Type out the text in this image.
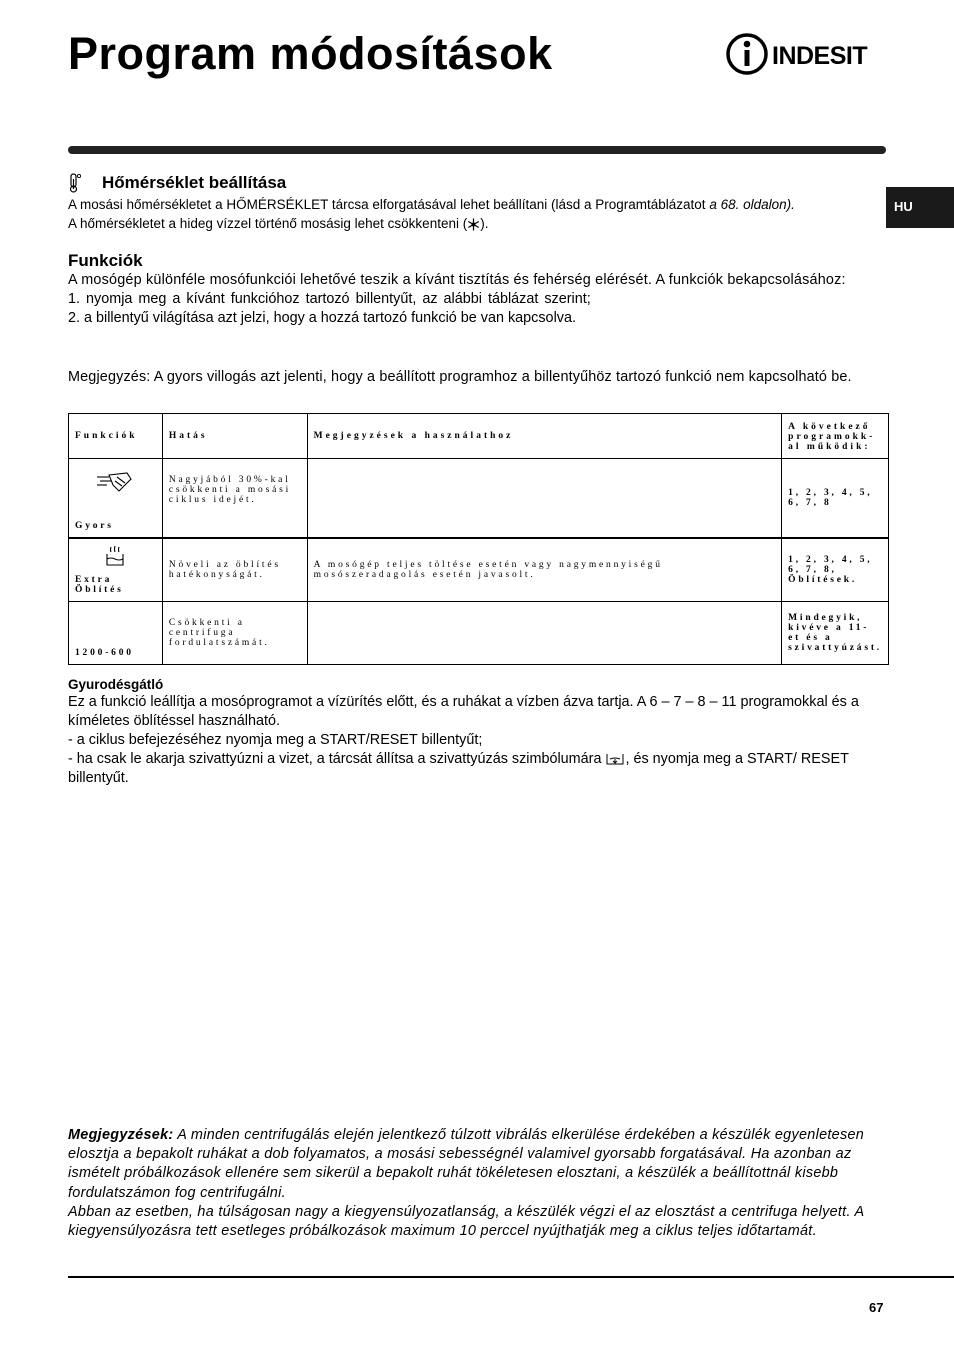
Program módosítások	INDESIT
HU
Hőmérséklet beállítása

A mosási hőmérsékletet a HŐMÉRSÉKLET tárcsa elforgatásával lehet beállítani (lásd a Programtáblázatot a 68. oldalon).

A hőmérsékletet a hideg vízzel történő mosásig lehet csökkenteni ( ).

Funkciók

A mosógép különféle mosófunkciói lehetővé teszik a kívánt tisztítás és fehérség elérését. A funkciók bekapcsolásához:

1. nyomja meg a kívánt funkcióhoz tartozó billentyűt, az alábbi táblázat szerint;

2. a billentyű világítása azt jelzi, hogy a hozzá tartozó funkció be van kapcsolva.

Megjegyzés: A gyors villogás azt jelenti, hogy a beállított programhoz a billentyűhöz tartozó funkció nem kapcsolható be.
Funkciók	Hatás	Megjegyzések a használathoz	A következő programokk-al működik:

Gyors	Nagyjából 30%-kal csökkenti a mosási ciklus idejét.		1, 2, 3, 4, 5, 6, 7, 8

Extra Öblítés	Növeli az öblítés hatékonyságát.	A mosógép teljes töltése esetén vagy nagymennyiségű mosószeradagolás esetén javasolt.	1, 2, 3, 4, 5, 6, 7, 8, Öblítések.

1200-600	Csökkenti a centrifuga fordulatszámát.		Mindegyik, kivéve a 11-et és a szivattyúzást.
Gyurodésgátló

Ez a funkció leállítja a mosóprogramot a vízürítés előtt, és a ruhákat a vízben ázva tartja. A 6 – 7 – 8 – 11 programokkal és a kíméletes öblítéssel használható.

- a ciklus befejezéséhez nyomja meg a START/RESET billentyűt;

- ha csak le akarja szivattyúzni a vizet, a tárcsát állítsa a szivattyúzás szimbólumára , és nyomja meg a START/ RESET billentyűt.

Megjegyzések: A minden centrifugálás elején jelentkező túlzott vibrálás elkerülése érdekében a készülék egyenletesen elosztja a bepakolt ruhákat a dob folyamatos, a mosási sebességnél valamivel gyorsabb forgatásával. Ha azonban az ismételt próbálkozások ellenére sem sikerül a bepakolt ruhát tökéletesen elosztani, a készülék a beállítottnál kisebb fordulatszámon fog centrifugálni.

Abban az esetben, ha túlságosan nagy a kiegyensúlyozatlanság, a készülék végzi el az elosztást a centrifuga helyett. A kiegyensúlyozásra tett esetleges próbálkozások maximum 10 perccel nyújthatják meg a ciklus teljes időtartamát.

67
